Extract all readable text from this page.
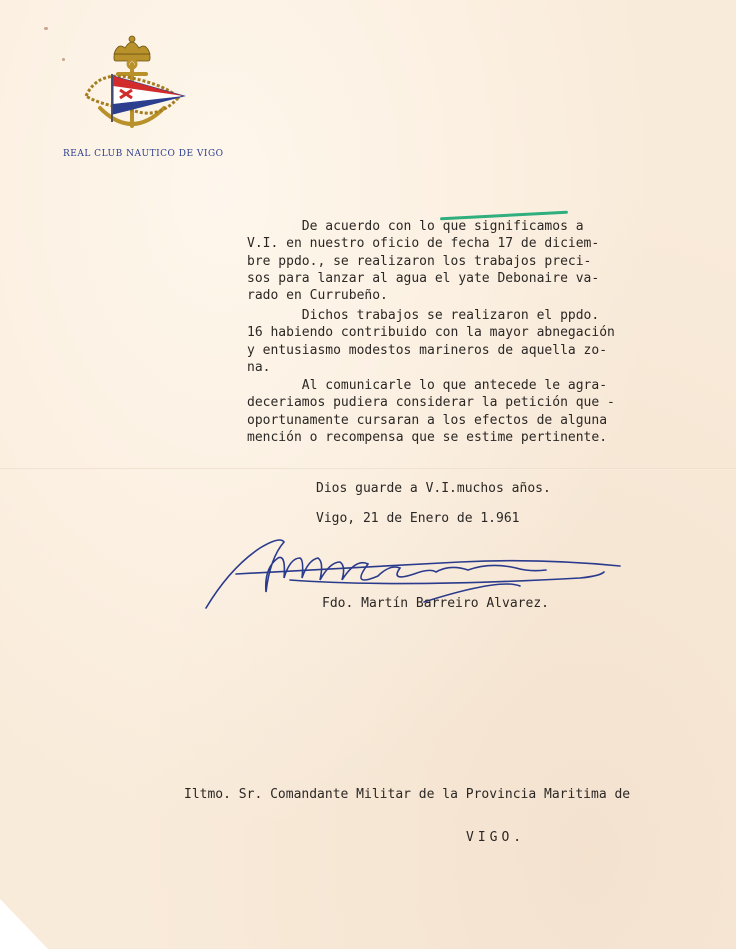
REAL CLUB NAUTICO DE VIGO
De acuerdo con lo que significamos a
V.I. en nuestro oficio de fecha 17 de diciem-
bre ppdo., se realizaron los trabajos preci-
sos para lanzar al agua el yate Debonaire va-
rado en Currubeño.
Dichos trabajos se realizaron el ppdo.
16 habiendo contribuido con la mayor abnegación
y entusiasmo modestos marineros de aquella zo-
na.
Al comunicarle lo que antecede le agra-
deceriamos pudiera considerar la petición que -
oportunamente cursaran a los efectos de alguna
mención o recompensa que se estime pertinente.
Dios guarde a V.I.muchos años.
Vigo, 21 de Enero de 1.961
Fdo. Martín Barreiro Alvarez.
Iltmo. Sr. Comandante Militar de la Provincia Maritima de
VIGO.
